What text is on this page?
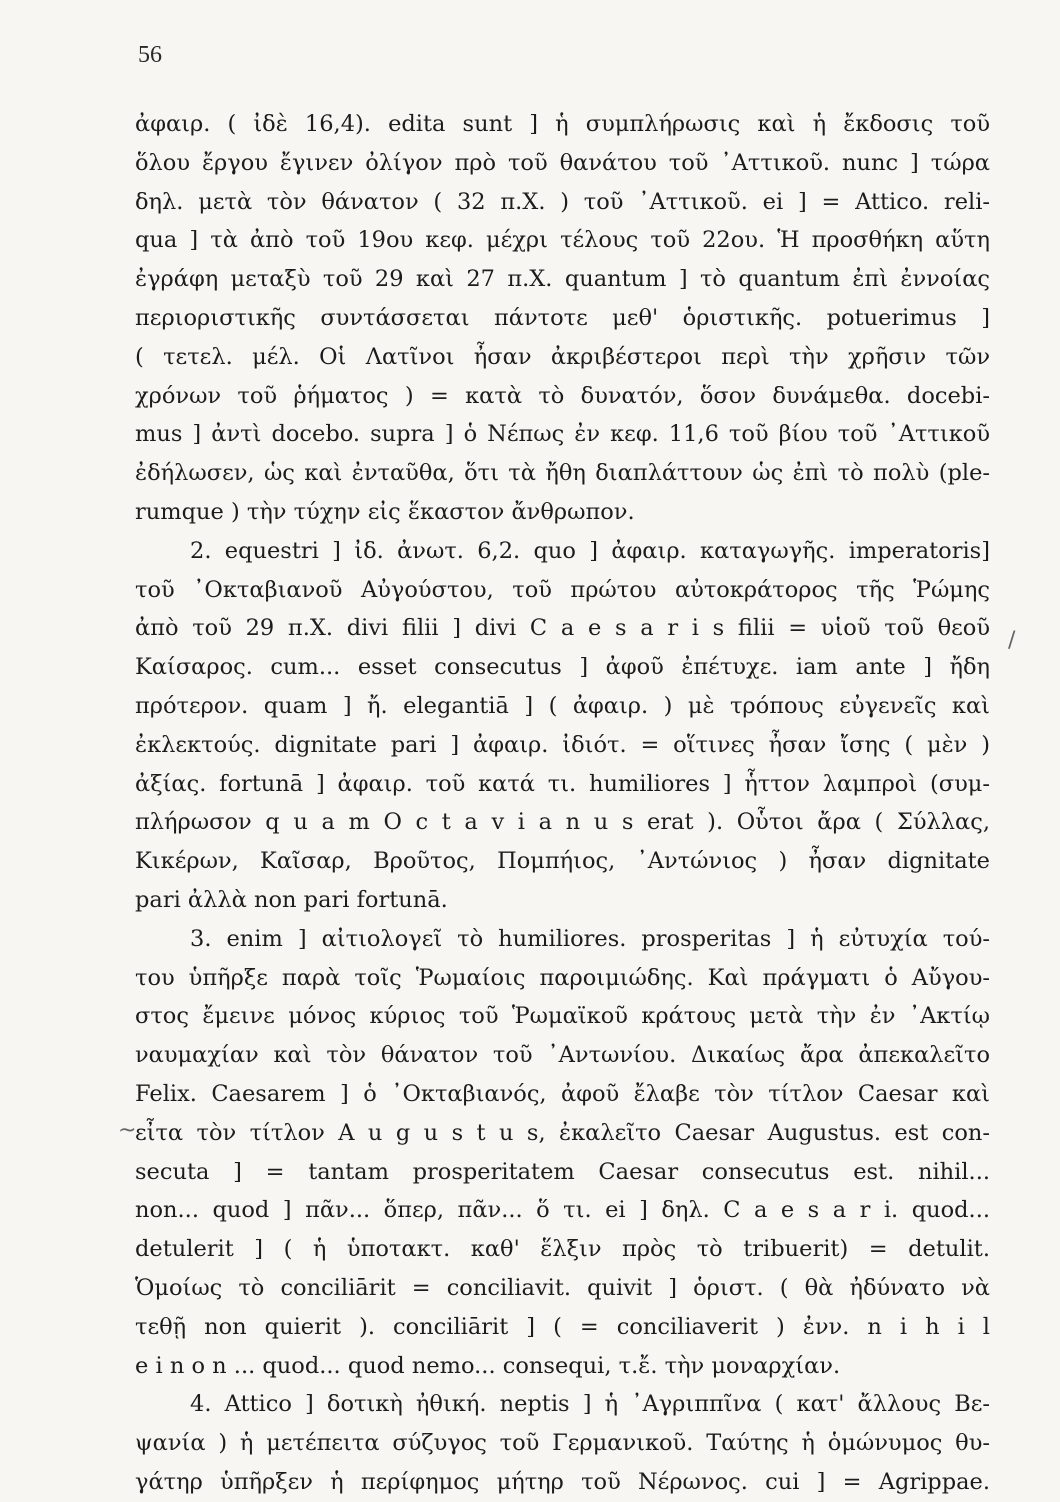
56
ἀφαιρ. ( ἰδὲ 16,4). edita sunt ] ἡ συμπλήρωσις καὶ ἡ ἔκδοσις τοῦ
ὅλου ἔργου ἔγινεν ὀλίγον πρὸ τοῦ θανάτου τοῦ ᾿Αττικοῦ. nunc ] τώρα
δηλ. μετὰ τὸν θάνατον ( 32 π.Χ. ) τοῦ ᾿Αττικοῦ. ei ] = Attico. reli-
qua ] τὰ ἀπὸ τοῦ 19ου κεφ. μέχρι τέλους τοῦ 22ου. Ἡ προσθήκη αὕτη
ἐγράφη μεταξὺ τοῦ 29 καὶ 27 π.Χ. quantum ] τὸ quantum ἐπὶ ἐννοίας
περιοριστικῆς συντάσσεται πάντοτε μεθ' ὁριστικῆς. potuerimus ]
( τετελ. μέλ. Οἱ Λατῖνοι ἦσαν ἀκριβέστεροι περὶ τὴν χρῆσιν τῶν
χρόνων τοῦ ῥήματος ) = κατὰ τὸ δυνατόν, ὅσον δυνάμεθα. docebi-
mus ] ἀντὶ docebo. supra ] ὁ Νέπως ἐν κεφ. 11,6 τοῦ βίου τοῦ ᾿Αττικοῦ
ἐδήλωσεν, ὡς καὶ ἐνταῦθα, ὅτι τὰ ἤθη διαπλάττουν ὡς ἐπὶ τὸ πολὺ (ple-
rumque ) τὴν τύχην εἰς ἕκαστον ἄνθρωπον.
2. equestri ] ἰδ. ἀνωτ. 6,2. quo ] ἀφαιρ. καταγωγῆς. imperatoris]
τοῦ ᾿Οκταβιανοῦ Αὐγούστου, τοῦ πρώτου αὐτοκράτορος τῆς Ῥώμης
ἀπὸ τοῦ 29 π.Χ. divi filii ] divi C a e s a r i s filii = υἱοῦ τοῦ θεοῦ
Καίσαρος. cum... esset consecutus ] ἀφοῦ ἐπέτυχε. iam ante ] ἤδη
πρότερον. quam ] ἤ. elegantiā ] ( ἀφαιρ. ) μὲ τρόπους εὐγενεῖς καὶ
ἐκλεκτούς. dignitate pari ] ἀφαιρ. ἰδιότ. = οἵτινες ἦσαν ἴσης ( μὲν )
ἀξίας. fortunā ] ἀφαιρ. τοῦ κατά τι. humiliores ] ἧττον λαμπροὶ (συμ-
πλήρωσον q u a m O c t a v i a n u s erat ). Οὗτοι ἄρα ( Σύλλας,
Κικέρων, Καῖσαρ, Βροῦτος, Πομπήιος, ᾿Αντώνιος ) ἦσαν dignitate
pari ἀλλὰ non pari fortunā.
3. enim ] αἰτιολογεῖ τὸ humiliores. prosperitas ] ἡ εὐτυχία τού-
του ὑπῆρξε παρὰ τοῖς Ῥωμαίοις παροιμιώδης. Καὶ πράγματι ὁ Αὔγου-
στος ἔμεινε μόνος κύριος τοῦ Ῥωμαϊκοῦ κράτους μετὰ τὴν ἐν ᾿Ακτίῳ
ναυμαχίαν καὶ τὸν θάνατον τοῦ ᾿Αντωνίου. Δικαίως ἄρα ἀπεκαλεῖτο
Felix. Caesarem ] ὁ ᾿Οκταβιανός, ἀφοῦ ἔλαβε τὸν τίτλον Caesar καὶ
εἶτα τὸν τίτλον A u g u s t u s, ἐκαλεῖτο Caesar Augustus. est con-
secuta ] = tantam prosperitatem Caesar consecutus est. nihil...
non... quod ] πᾶν... ὅπερ, πᾶν... ὅ τι. ei ] δηλ. C a e s a r i. quod...
detulerit ] ( ἡ ὑποτακτ. καθ' ἕλξιν πρὸς τὸ tribuerit) = detulit.
Ὁμοίως τὸ conciliārit = conciliavit. quivit ] ὁριστ. ( θὰ ἠδύνατο νὰ
τεθῇ non quierit ). conciliārit ] ( = conciliaverit ) ἐνν. n i h i l
e i n o n ... quod... quod nemo... consequi, τ.ἔ. τὴν μοναρχίαν.
4. Attico ] δοτικὴ ἠθική. neptis ] ἡ ᾿Αγριππῖνα ( κατ' ἄλλους Βε-
ψανία ) ἡ μετέπειτα σύζυγος τοῦ Γερμανικοῦ. Ταύτης ἡ ὁμώνυμος θυ-
γάτηρ ὑπῆρξεν ἡ περίφημος μήτηρ τοῦ Νέρωνος. cui ] = Agrippae.
/
~
